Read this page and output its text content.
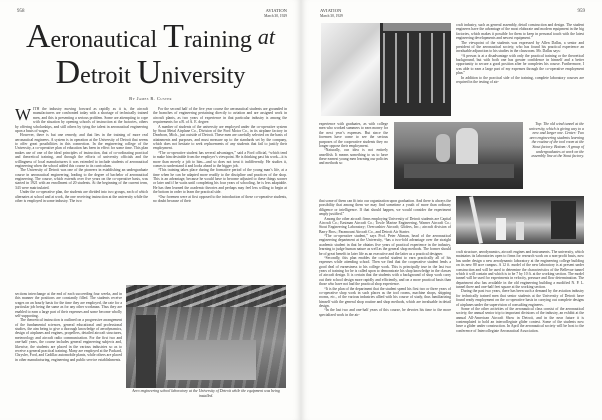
958	AVIATION
March 30, 1929
Aeronautical Training at
Detroit University
By James R. Custer

WITH the industry moving forward as rapidly as it is, the aircraft manufacturers are confronted today with a shortage of technically trained men, and this is presenting a serious problem. Some are attempting to cope with the situation by opening schools of instruction at the factories, others by offering scholarships, and still others by tying the talent in aeronautical engineering upon a basis of wages.

However, there is but one remedy, and that lies in the training of more real aeronautical engineers. A system is in operation at the University of Detroit that seems to offer great possibilities in this connection. In the engineering college of the University, a co-operative plan of education has been in effect for some time. This plan makes use of one of the ideal principles of instruction, that of co-ordinating practical and theoretical training, and through the efforts of university officials and the willingness of local manufacturers it was extended to include students of aeronautical engineering when the school added this course to its curriculum.

The University of Detroit was one of the pioneers in establishing an undergraduate course in aeronautical engineering, leading to the degree of bachelor of aeronautical engineering. The course, which extends over five years on the co-operative basis, was started in 1921 with an enrollment of 20 students. At the beginning of the current term, 343 were matriculated.

Under the co-operative plan, the students are divided into two groups, each of which alternates at school and at work, the one receiving instruction at the university while the other is employed in some industry. The two

sections interchange at the end of each succeeding four weeks, and in this manner the positions are constantly filled. The students receive wages on an hourly basis for the time they are employed, the rate for a particular job being the same as for any other workman. Thus they are enabled to earn a large part of their expenses and some become wholly self-supporting.

The theoretical instruction is outlined on a progressive arrangement of the fundamental sciences, general educational and professional studies, the aim being to give a thorough knowledge of aerodynamics, design of airplanes and engines, propellers, detailed aircraft structures, meteorology and aircraft radio communication. For the first two and one-half years, the course includes general engineering subjects and, likewise, the students are placed in the various industries so as to receive a general practical training. Many are employed at the Packard, Chrysler, Ford, and Cadillac automobile plants, while others are placed in other manufacturing, engineering and public service establishments.

For the second half of the five year course the aeronautical students are grounded in the branches of engineering pertaining directly to aviation and are assigned work in aircraft plants, as two years of experience in that particular industry is among the requirements for a B. of A. E. degree.

A number of students of the university are employed under the co-operative system by Stout Metal Airplane Co., Division of the Ford Motor Co., in its airplane factory in Dearborn, Mich., just outside of Detroit. These men are carefully selected on the basis of attainments and purposes, and must measure up to the standards set by the company, which does not hesitate to seek replacements of any students that fail to justify their employment.

“The co-operative student has several advantages,” said a Ford official, “which tend to make him desirable from the employer’s viewpoint. He is thinking past his work—it is more than merely a job to him—and so does not treat it indifferently. He studies it, comes to understand it and looks ahead to the bigger job.

“This training takes place during the formative period of the young man’s life, at a time when he can be adapted more readily to the discipline and practices of the shop. This is an advantage, because he would have to become adjusted to these things sooner or later and if he waits until completing his four years of schooling, he is less adaptable. He has then learned the academic theories and perhaps may feel less willing to begin at the bottom in order to learn the practical side.

“Our foremen were at first opposed to the introduction of these co-operative students, no doubt because of their

Aero engineering school laboratory at the University of Detroit while the equipment was being installed.
AVIATION
March 30, 1929
959

craft industry, such as general assembly, detail construction and design. The student engineers have the advantage of the most elaborate and modern equipment in the big factories, which makes it possible for them to keep in personal touch with the latest engineering developments and newest equipment.”

The viewpoint of the students was expressed by Allen Dallas, a senior and president of the aeronautical society, who has found his practical experience an invaluable adjunction to his studies in the classroom. Mr. Dallas says:

“A person is at a disadvantage with only the practical training or the theoretical background, but with both one has greater confidence in himself and a better opportunity to secure a good position after he completes his course. Furthermore, I was able to earn a large part of my expenses through the co-operative employment plan.”

In addition to the practical side of the training, complete laboratory courses are required in the testing of air-

experience with graduates, as with college men who worked summers to earn money for the next year’s expenses. But since the foremen have come to see the serious purposes of the cooperative students they no longer oppose their employment.

“Naturally, our idea is not entirely unselfish. It means something to us to have these earnest young men learning our policies and methods so

Top: The old wind tunnel at the university, which is giving way to a new and larger one. Center: Two aero engineering students learning the routine of the tool room at the Stout factory. Bottom: A group of undergraduates at work on the assembly line at the Stout factory.

that some of them can fit into our organization upon graduation. And there is always the possibility that among them we may find sometime a youth of more than ordinary diligence or intelligence. If that should happen, we would consider the experiment amply justified.”

Among the other aircraft firms employing University of Detroit students are Capital Aircraft Co.; Eastman Aircraft Co.; Towle Marine Engineering, Warner Aircraft Co.; Stout Engineering Laboratory; Overcashier Aircraft; Gliders, Inc.; aircraft division of Barry Bros.; Paramount Aircraft Co., and Detroit Air Starter.

“The co-operative student,” says Prof. Peter Altman, head of the aeronautical engineering department at the University, “has a two-fold advantage over the straight academic student in that he obtains five years of practical experience in the industry, learning to judge human nature as well as the general shop methods. The former should be of great benefit in later life as an executive and the latter as a practical designer.

“Secondly, this plan enables the careful student to earn practically all of his expenses while attending school. Then we find that the cooperative student lends a good deal of earnestness to his college work. This is principally true in the last two years of training for he is called upon to demonstrate his shop knowledge in the classes of aircraft design. It is certain that the students with a background of shop work carry out their school design more rapidly and efficiently, and on a more practical basis than those who have not had the practical shop experience.

“It is the plan of the department that the student spend his first two or three years of co-operative shop work in such places as the tool rooms, machine shops, shipping rooms, etc., of the various industries allied with his course of study, thus familiarizing himself with the general shop routine and shop methods, which are invaluable in detail design.

“In the last two and one-half years of this course, he devotes his time to the more specialized work in the air-

craft structure, aerodynamics, aircraft engines and instruments. The university, which maintains its laboratories open to firms for research work on a non-profit basis, now has under design a new aerodynamic laboratory at the engineering college building on its new 80 acre campus. A 12 ft. model of the new laboratory is at present under construction and will be used to determine the characteristics of the Bellevue tunnel which it will contain and which is to be 7 by 10 ft. at the working section. The model tunnel will be used for experiments in velocity, pressure and flow determination. The department also has available in the old engineering building a modified N. P. L. tunnel three and one-half feet square at the working section.

During the past two years, there has been such a demand by the aviation industry for technically trained men that senior students at the University of Detroit have found ready employment on the co-operative basis in carrying out complete designs of airplanes under the supervision of consulting engineers.

Some of the other activities of the aeronautical class consist of the aeronautical society, the annual senior trip to important divisions of the industry, an exhibit at the annual All-American Aircraft Show in Detroit, and in the near future it is contemplated to hold an intercollegiate glider contest. Some of the students now have a glider under construction. In April the aeronautical society will be host to the conference of Intercollegiate Aeronautical Association.
